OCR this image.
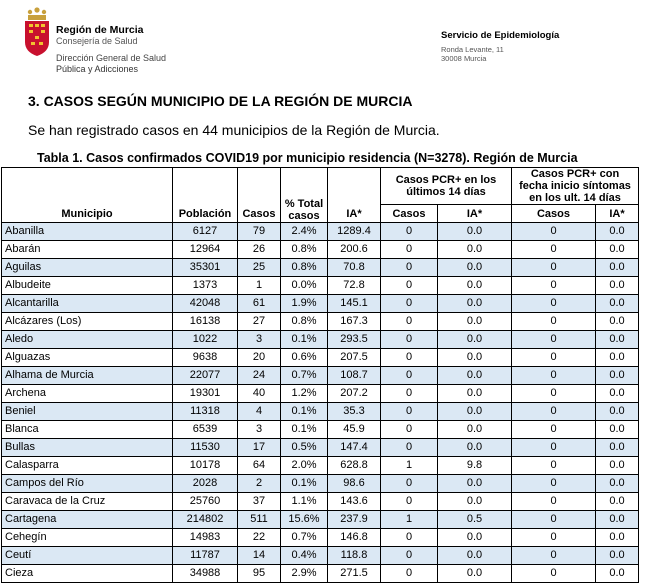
Región de Murcia
Consejería de Salud
Dirección General de Salud
Pública y Adicciones
Servicio de Epidemiología
Ronda Levante, 11
30008 Murcia
3. CASOS SEGÚN MUNICIPIO DE LA REGIÓN DE MURCIA
Se han registrado casos en 44 municipios de la Región de Murcia.
Tabla 1. Casos confirmados COVID19 por municipio residencia (N=3278). Región de Murcia
Municipio	Población	Casos	% Total casos	IA*	Casos PCR+ en los últimos 14 días		Casos PCR+ con fecha inicio síntomas en los ult. 14 días	
					Casos	IA*	Casos	IA*
Abanilla	6127	79	2.4%	1289.4	0	0.0	0	0.0
Abarán	12964	26	0.8%	200.6	0	0.0	0	0.0
Aguilas	35301	25	0.8%	70.8	0	0.0	0	0.0
Albudeite	1373	1	0.0%	72.8	0	0.0	0	0.0
Alcantarilla	42048	61	1.9%	145.1	0	0.0	0	0.0
Alcázares (Los)	16138	27	0.8%	167.3	0	0.0	0	0.0
Aledo	1022	3	0.1%	293.5	0	0.0	0	0.0
Alguazas	9638	20	0.6%	207.5	0	0.0	0	0.0
Alhama de Murcia	22077	24	0.7%	108.7	0	0.0	0	0.0
Archena	19301	40	1.2%	207.2	0	0.0	0	0.0
Beniel	11318	4	0.1%	35.3	0	0.0	0	0.0
Blanca	6539	3	0.1%	45.9	0	0.0	0	0.0
Bullas	11530	17	0.5%	147.4	0	0.0	0	0.0
Calasparra	10178	64	2.0%	628.8	1	9.8	0	0.0
Campos del Río	2028	2	0.1%	98.6	0	0.0	0	0.0
Caravaca de la Cruz	25760	37	1.1%	143.6	0	0.0	0	0.0
Cartagena	214802	511	15.6%	237.9	1	0.5	0	0.0
Cehegín	14983	22	0.7%	146.8	0	0.0	0	0.0
Ceutí	11787	14	0.4%	118.8	0	0.0	0	0.0
Cieza	34988	95	2.9%	271.5	0	0.0	0	0.0
